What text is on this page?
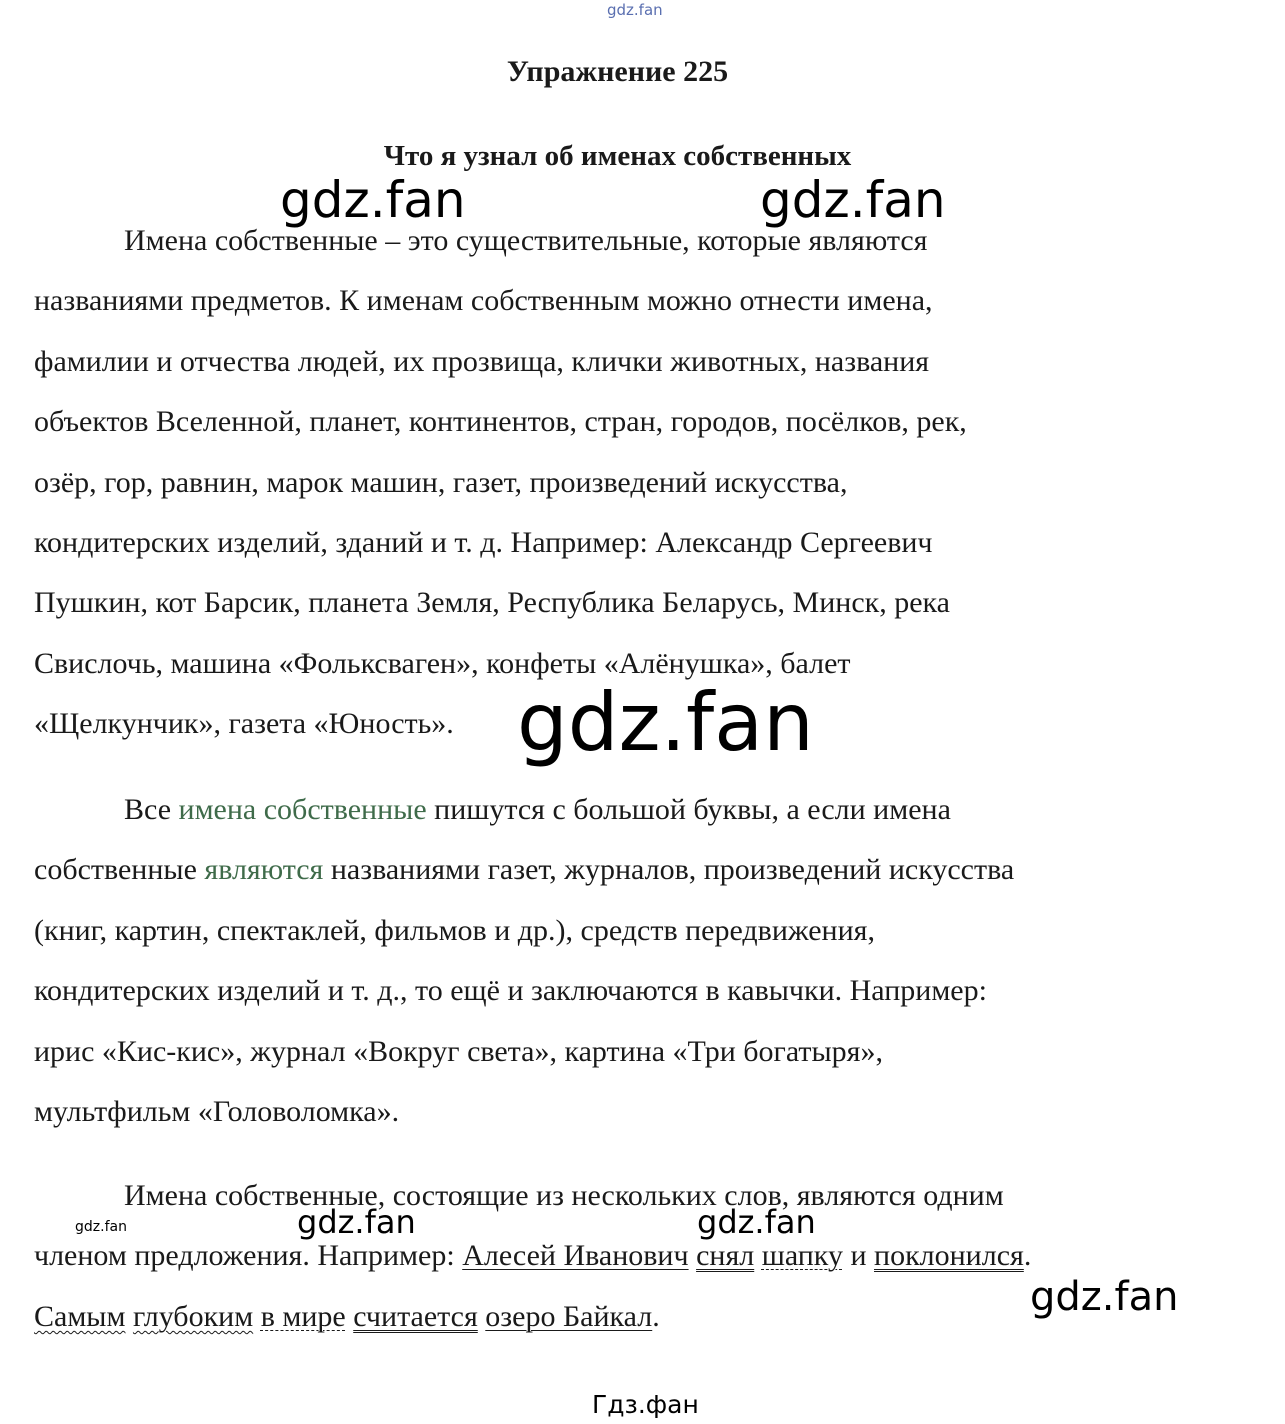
gdz.fan
Упражнение 225
Что я узнал об именах собственных
Имена собственные – это существительные, которые являются
названиями предметов. К именам собственным можно отнести имена,
фамилии и отчества людей, их прозвища, клички животных, названия
объектов Вселенной, планет, континентов, стран, городов, посёлков, рек,
озёр, гор, равнин, марок машин, газет, произведений искусства,
кондитерских изделий, зданий и т. д. Например: Александр Сергеевич
Пушкин, кот Барсик, планета Земля, Республика Беларусь, Минск, река
Свислочь, машина «Фольксваген», конфеты «Алёнушка», балет
«Щелкунчик», газета «Юность».
Все имена собственные пишутся с большой буквы, а если имена
собственные являются названиями газет, журналов, произведений искусства
(книг, картин, спектаклей, фильмов и др.), средств передвижения,
кондитерских изделий и т. д., то ещё и заключаются в кавычки. Например:
ирис «Кис-кис», журнал «Вокруг света», картина «Три богатыря»,
мультфильм «Головоломка».
Имена собственные, состоящие из нескольких слов, являются одним
членом предложения. Например: Алесей Иванович снял шапку и поклонился.
Самым глубоким в мире считается озеро Байкал.
gdz.fan	gdz.fan
gdz.fan
gdz.fan	gdz.fan	gdz.fan
gdz.fan
Гдз.фан
